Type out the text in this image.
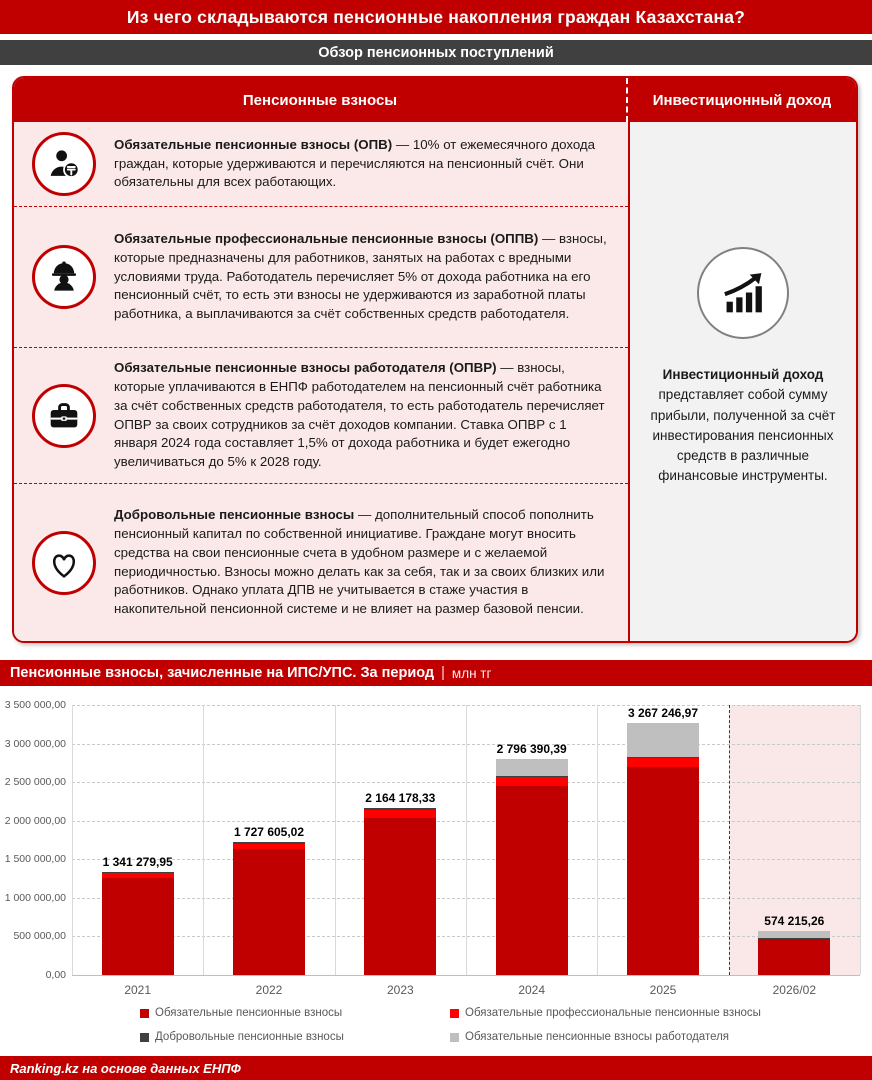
Из чего складываются пенсионные накопления граждан Казахстана?
Обзор пенсионных поступлений
Пенсионные взносы	Инвестиционный доход
Обязательные пенсионные взносы (ОПВ) — 10% от ежемесячного дохода граждан, которые удерживаются и перечисляются на пенсионный счёт. Они обязательны для всех работающих.
Обязательные профессиональные пенсионные взносы (ОППВ) — взносы, которые предназначены для работников, занятых на работах с вредными условиями труда. Работодатель перечисляет 5% от дохода работника на его пенсионный счёт, то есть эти взносы не удерживаются из заработной платы работника, а выплачиваются за счёт собственных средств работодателя.
Обязательные пенсионные взносы работодателя (ОПВР) — взносы, которые уплачиваются в ЕНПФ работодателем на пенсионный счёт работника за счёт собственных средств работодателя, то есть работодатель перечисляет ОПВР за своих сотрудников за счёт доходов компании. Ставка ОПВР с 1 января 2024 года составляет 1,5% от дохода работника и будет ежегодно увеличиваться до 5% к 2028 году.
Добровольные пенсионные взносы — дополнительный способ пополнить пенсионный капитал по собственной инициативе. Граждане могут вносить средства на свои пенсионные счета в удобном размере и с желаемой периодичностью. Взносы можно делать как за себя, так и за своих близких или работников. Однако уплата ДПВ не учитывается в стаже участия в накопительной пенсионной системе и не влияет на размер базовой пенсии.
Инвестиционный доход
представляет собой сумму прибыли, полученной за счёт инвестирования пенсионных средств в различные финансовые инструменты.
Пенсионные взносы, зачисленные на ИПС/УПС. За период | млн тг
0,00
500 000,00
1 000 000,00
1 500 000,00
2 000 000,00
2 500 000,00
3 000 000,00
3 500 000,00
1 341 279,95
2021
1 727 605,02
2022
2 164 178,33
2023
2 796 390,39
2024
3 267 246,97
2025
574 215,26
2026/02
Обязательные пенсионные взносы	Обязательные профессиональные пенсионные взносы
Добровольные пенсионные взносы	Обязательные пенсионные взносы работодателя
Ranking.kz на основе данных ЕНПФ
